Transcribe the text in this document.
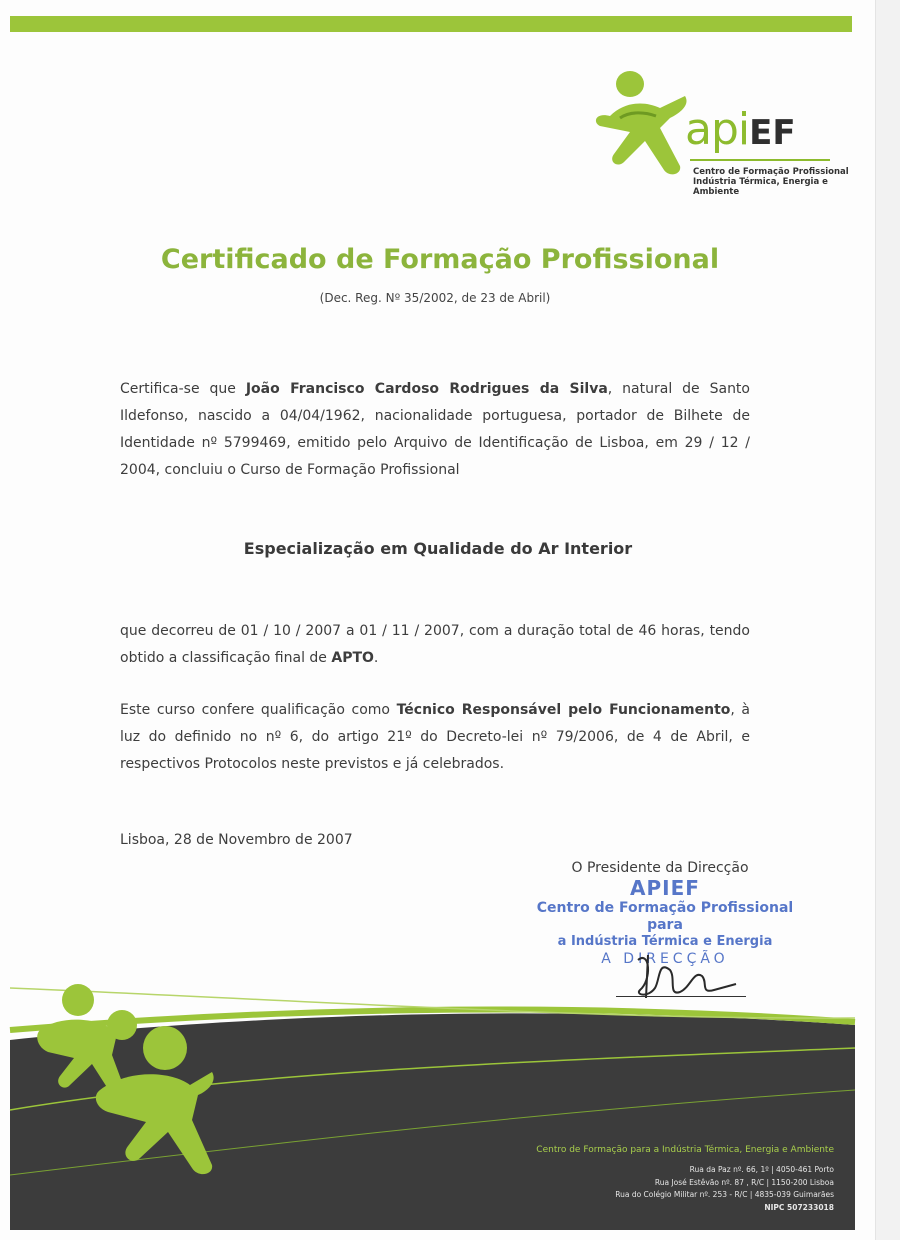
apiEF
Centro de Formação Profissional
Indústria Térmica, Energia e Ambiente
Certificado de Formação Profissional
(Dec. Reg. Nº 35/2002, de 23 de Abril)
Certifica-se que João Francisco Cardoso Rodrigues da Silva, natural de Santo Ildefonso, nascido a 04/04/1962, nacionalidade portuguesa, portador de Bilhete de Identidade nº 5799469, emitido pelo Arquivo de Identificação de Lisboa, em 29 / 12 / 2004, concluiu o Curso de Formação Profissional
Especialização em Qualidade do Ar Interior
que decorreu de 01 / 10 / 2007 a 01 / 11 / 2007, com a duração total de 46 horas, tendo obtido a classificação final de APTO.
Este curso confere qualificação como Técnico Responsável pelo Funcionamento, à luz do definido no nº 6, do artigo 21º do Decreto-lei nº 79/2006, de 4 de Abril, e respectivos Protocolos neste previstos e já celebrados.
Lisboa, 28 de Novembro de 2007
O Presidente da Direcção
APIEF
Centro de Formação Profissional para
a Indústria Térmica e Energia
A DIRECÇÃO
Centro de Formação para a Indústria Térmica, Energia e Ambiente
Rua da Paz nº. 66, 1º | 4050-461 Porto
Rua José Estêvão nº. 87 , R/C | 1150-200 Lisboa
Rua do Colégio Militar nº. 253 - R/C | 4835-039 Guimarães
NIPC 507233018
